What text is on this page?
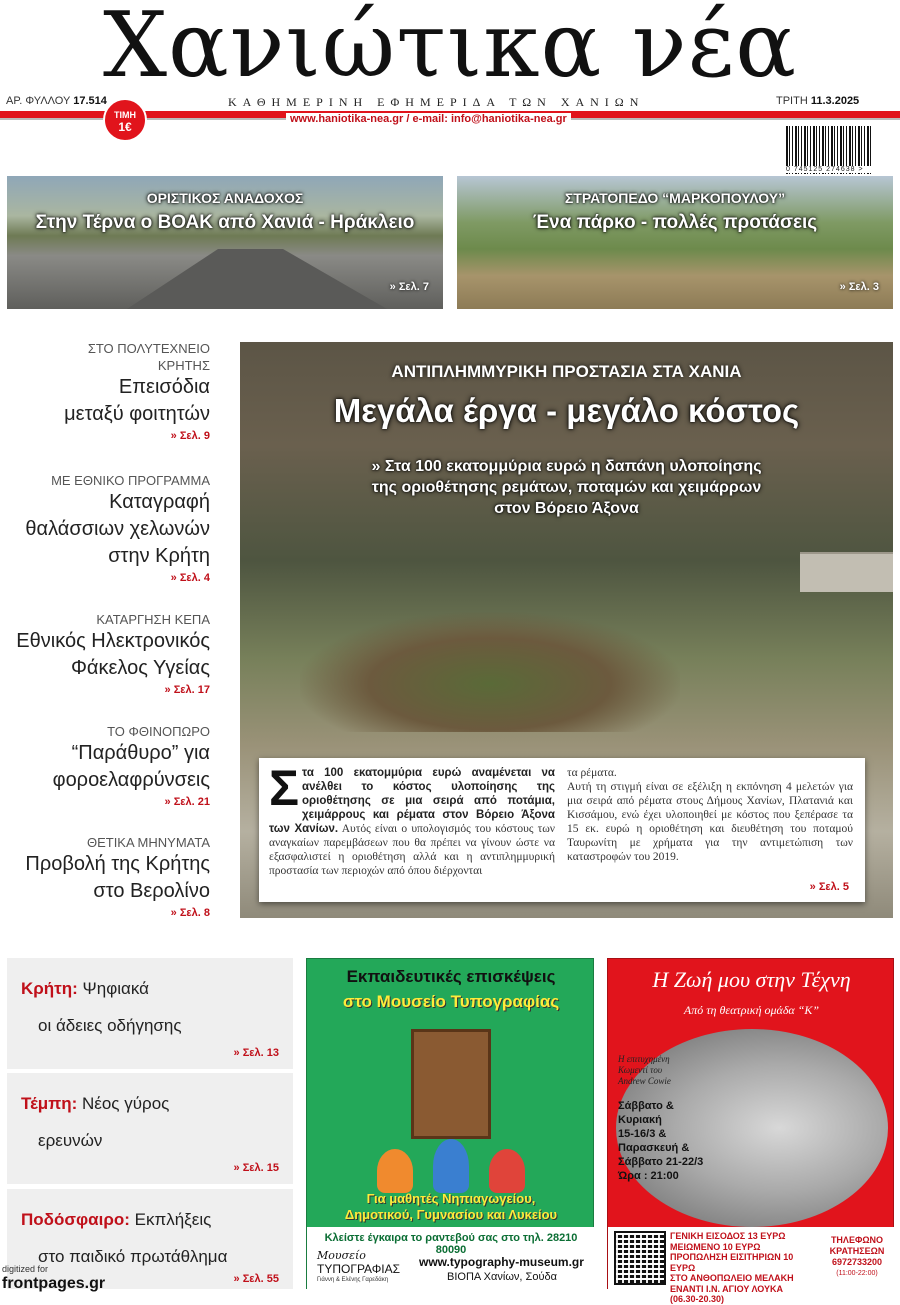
Χανιώτικα νέα
ΑΡ. ΦΥΛΛΟΥ 17.514	ΚΑΘΗΜΕΡΙΝΗ ΕΦΗΜΕΡΙΔΑ ΤΩΝ ΧΑΝΙΩΝ	ΤΡΙΤΗ 11.3.2025
www.haniotika-nea.gr / e-mail: info@haniotika-nea.gr
ΤΙΜΗ
1€
0 745125 274638 >
ΟΡΙΣΤΙΚΟΣ ΑΝΑΔΟΧΟΣ
Στην Τέρνα ο ΒΟΑΚ από Χανιά - Ηράκλειο
» Σελ. 7
ΣΤΡΑΤΟΠΕΔΟ “ΜΑΡΚΟΠΟΥΛΟΥ”
Ένα πάρκο - πολλές προτάσεις
» Σελ. 3
ΣΤΟ ΠΟΛΥΤΕΧΝΕΙΟ
ΚΡΗΤΗΣ
Επεισόδια
μεταξύ φοιτητών
» Σελ. 9
ΜΕ ΕΘΝΙΚΟ ΠΡΟΓΡΑΜΜΑ
Καταγραφή
θαλάσσιων χελωνών
στην Κρήτη
» Σελ. 4
ΚΑΤΑΡΓΗΣΗ ΚΕΠΑ
Εθνικός Ηλεκτρονικός
Φάκελος Υγείας
» Σελ. 17
ΤΟ ΦΘΙΝΟΠΩΡΟ
“Παράθυρο” για
φοροελαφρύνσεις
» Σελ. 21
ΘΕΤΙΚΑ ΜΗΝΥΜΑΤΑ
Προβολή της Κρήτης
στο Βερολίνο
» Σελ. 8
ΑΝΤΙΠΛΗΜΜΥΡΙΚΗ ΠΡΟΣΤΑΣΙΑ ΣΤΑ ΧΑΝΙΑ
Μεγάλα έργα - μεγάλο κόστος
» Στα 100 εκατομμύρια ευρώ η δαπάνη υλοποίησης
της οριοθέτησης ρεμάτων, ποταμών και χειμάρρων
στον Βόρειο Άξονα
Στα 100 εκατομμύρια ευρώ αναμένεται να ανέλθει το κόστος υλοποίησης της οριοθέτησης σε μια σειρά από ποτάμια, χειμάρρους και ρέματα στον Βόρειο Άξονα των Χανίων. Αυτός είναι ο υπολογισμός του κόστους των αναγκαίων παρεμβάσεων που θα πρέπει να γίνουν ώστε να εξασφαλιστεί η οριοθέτηση αλλά και η αντιπλημμυρική προστασία των περιοχών από όπου διέρχονται
τα ρέματα.
Αυτή τη στιγμή είναι σε εξέλιξη η εκπόνηση 4 μελετών για μια σειρά από ρέματα στους Δήμους Χανίων, Πλατανιά και Κισσάμου, ενώ έχει υλοποιηθεί με κόστος που ξεπέρασε τα 15 εκ. ευρώ η οριοθέτηση και διευθέτηση του ποταμού Ταυρωνίτη με χρήματα για την αντιμετώπιση των καταστροφών του 2019.
» Σελ. 5
Κρήτη: Ψηφιακά
οι άδειες οδήγησης
» Σελ. 13
Τέμπη: Νέος γύρος
ερευνών
» Σελ. 15
Ποδόσφαιρο: Εκπλήξεις
στο παιδικό πρωτάθλημα
» Σελ. 55
Εκπαιδευτικές επισκέψεις
στο Μουσείο Τυπογραφίας
Για μαθητές Νηπιαγωγείου,
Δημοτικού, Γυμνασίου και Λυκείου
Κλείστε έγκαιρα το ραντεβού σας στο τηλ. 28210 80090
Μουσείο
ΤΥΠΟΓΡΑΦΙΑΣ
Γιάννη & Ελένης Γαρεδάκη
www.typography-museum.gr
ΒΙΟΠΑ Χανίων, Σούδα
Η Ζωή μου στην Τέχνη
Από τη θεατρική ομάδα “Κ”
Η επιτυχημένη
Κωμεντί του
Andrew Cowie
Σάββατο &
Κυριακή
15-16/3 &
Παρασκευή &
Σάββατο 21-22/3
Ώρα : 21:00
ΓΕΝΙΚΗ ΕΙΣΟΔΟΣ 13 ΕΥΡΩ
ΜΕΙΩΜΕΝΟ 10 ΕΥΡΩ
ΠΡΟΠΩΛΗΣΗ ΕΙΣΙΤΗΡΙΩΝ 10 ΕΥΡΩ
ΣΤΟ ΑΝΘΟΠΩΛΕΙΟ ΜΕΛΑΚΗ
ΕΝΑΝΤΙ Ι.Ν. ΑΓΙΟΥ ΛΟΥΚΑ
(06.30-20.30)
ΤΗΛΕΦΩΝΟ
ΚΡΑΤΗΣΕΩΝ
6972733200
(11:00-22:00)
digitized for
frontpages.gr
